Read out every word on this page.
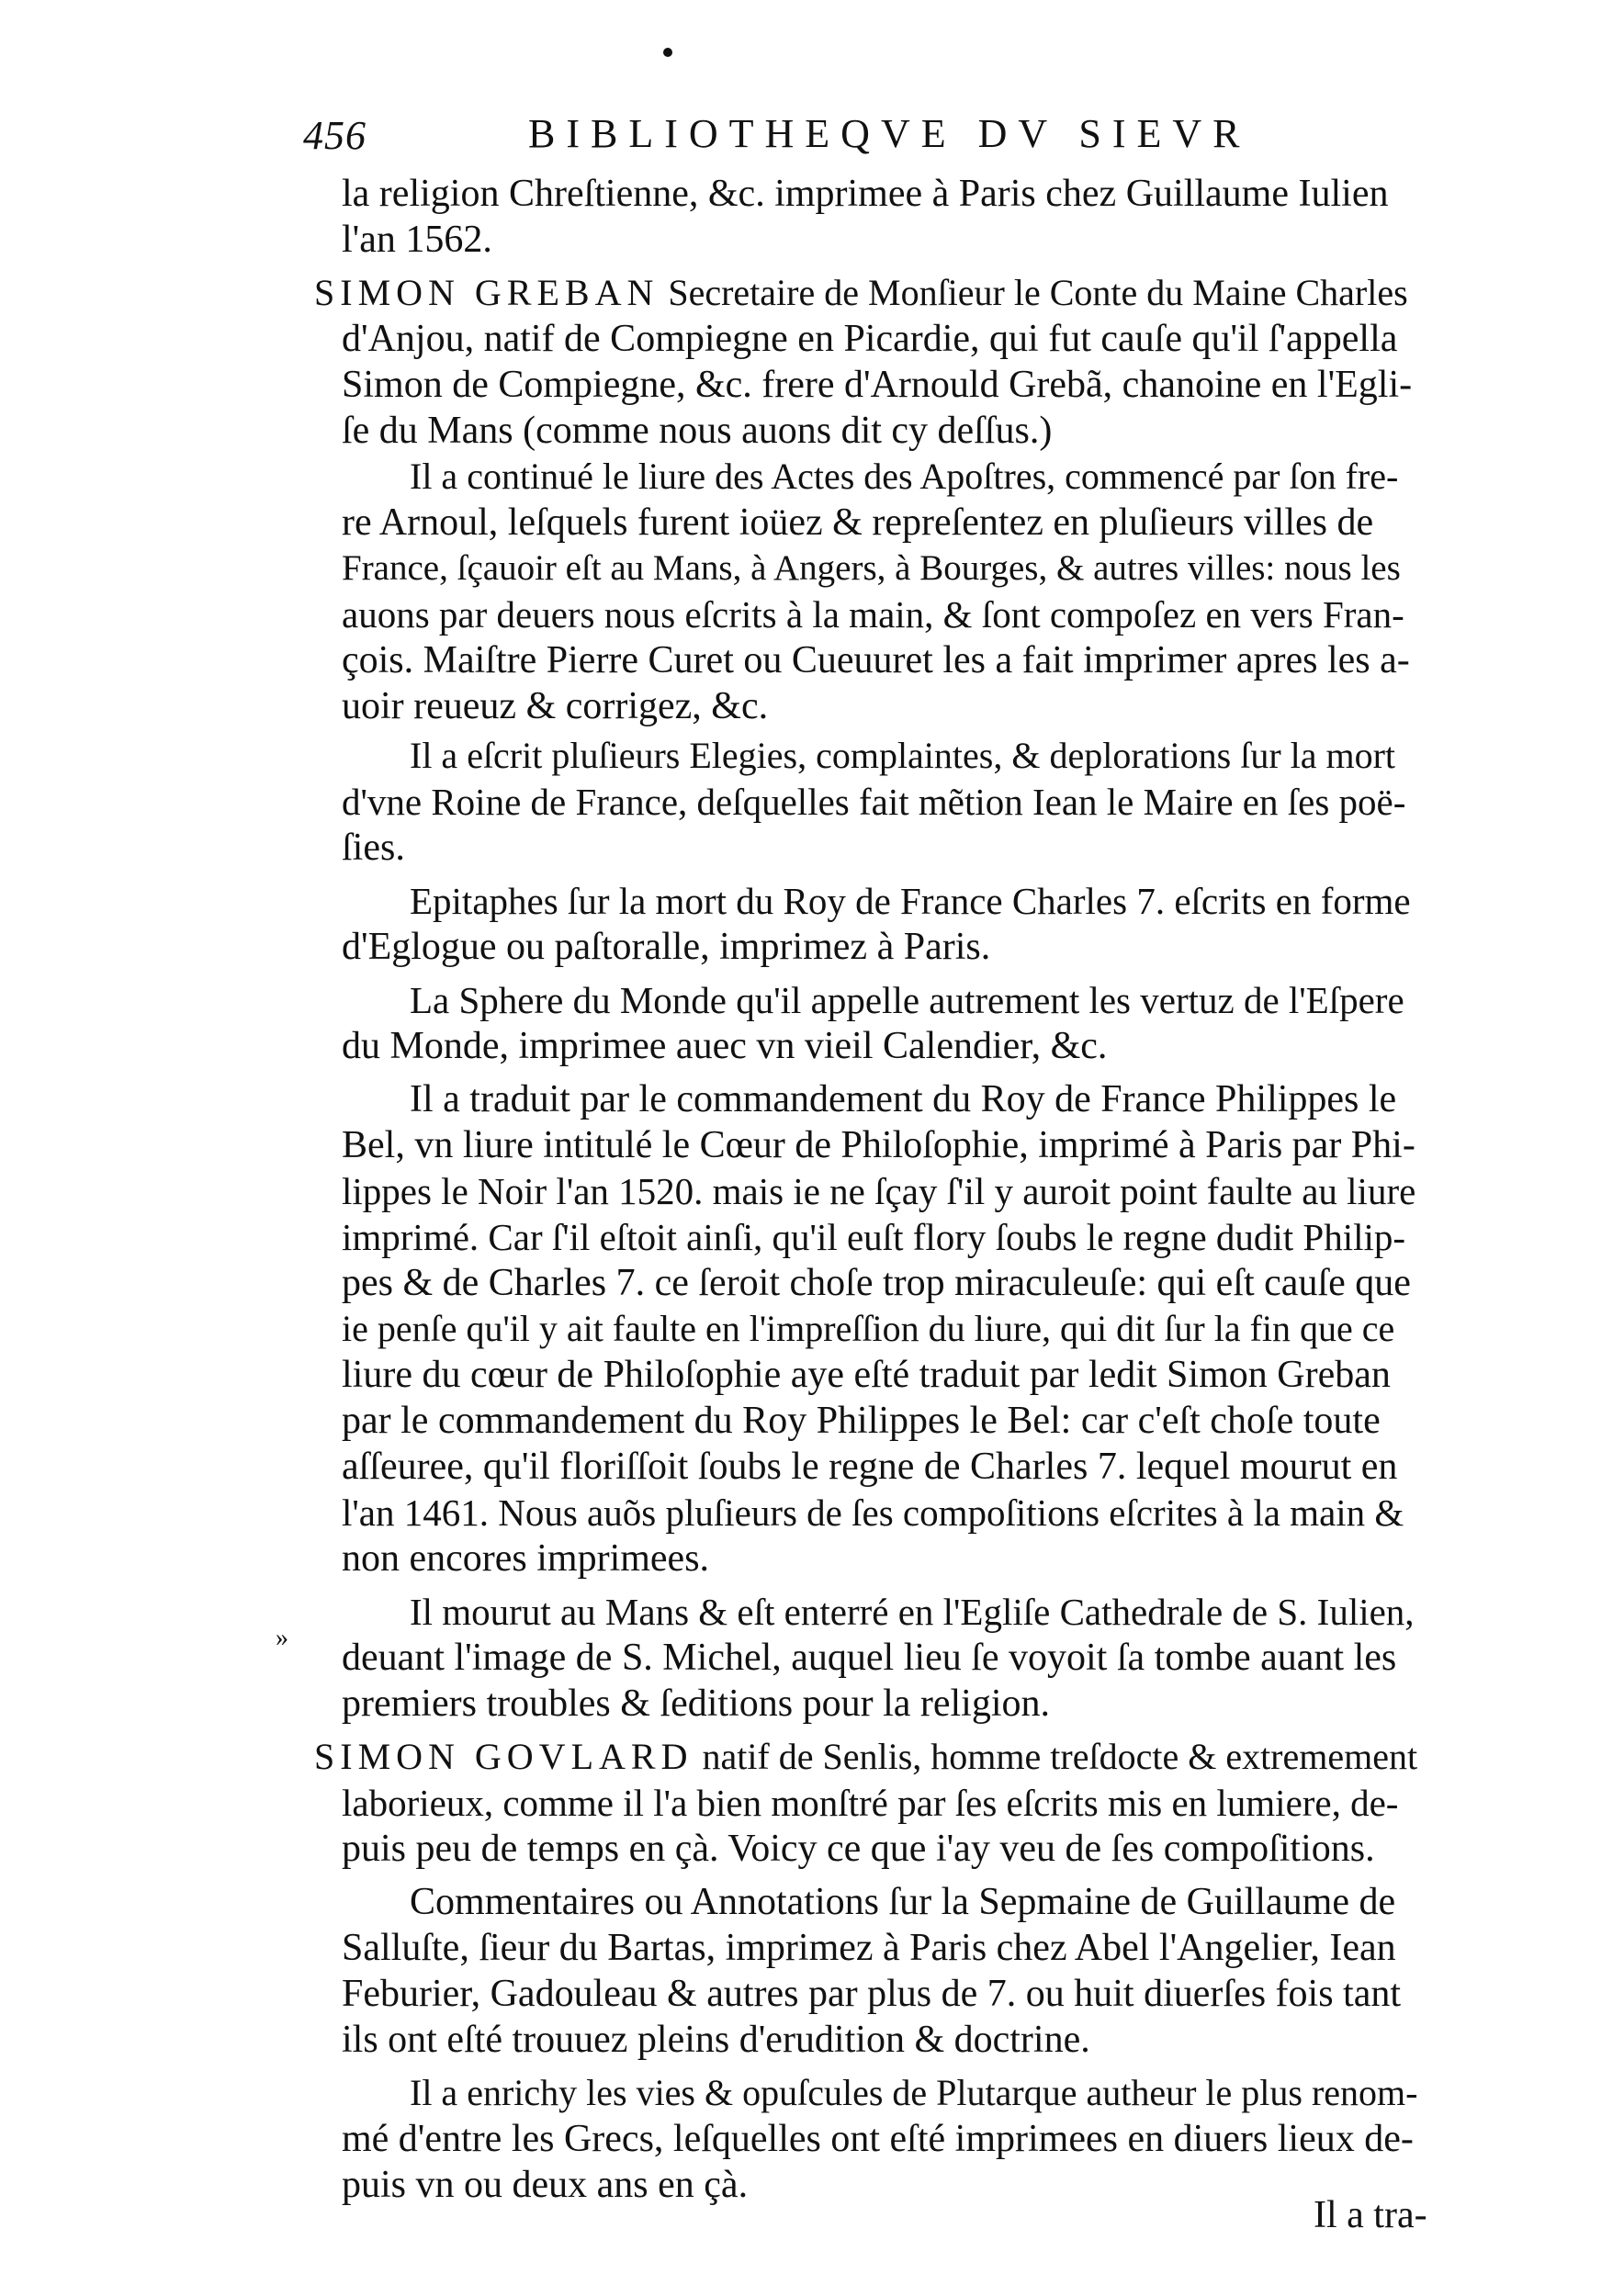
456	BIBLIOTHEQVE DV SIEVR
la religion Chreſtienne, &c. imprimee à Paris chez Guillaume Iulien
l'an 1562.
SIMON GREBAN Secretaire de Monſieur le Conte du Maine Charles
d'Anjou, natif de Compiegne en Picardie, qui fut cauſe qu'il ſ'appella
Simon de Compiegne, &c. frere d'Arnould Grebã, chanoine en l'Egli-
ſe du Mans (comme nous auons dit cy deſſus.)
Il a continué le liure des Actes des Apoſtres, commencé par ſon fre-
re Arnoul, leſquels furent ioüez & repreſentez en pluſieurs villes de
France, ſçauoir eſt au Mans, à Angers, à Bourges, & autres villes: nous les
auons par deuers nous eſcrits à la main, & ſont compoſez en vers Fran-
çois. Maiſtre Pierre Curet ou Cueuuret les a fait imprimer apres les a-
uoir reueuz & corrigez, &c.
Il a eſcrit pluſieurs Elegies, complaintes, & deplorations ſur la mort
d'vne Roine de France, deſquelles fait mẽtion Iean le Maire en ſes poë-
ſies.
Epitaphes ſur la mort du Roy de France Charles 7. eſcrits en forme
d'Eglogue ou paſtoralle, imprimez à Paris.
La Sphere du Monde qu'il appelle autrement les vertuz de l'Eſpere
du Monde, imprimee auec vn vieil Calendier, &c.
Il a traduit par le commandement du Roy de France Philippes le
Bel, vn liure intitulé le Cœur de Philoſophie, imprimé à Paris par Phi-
lippes le Noir l'an 1520. mais ie ne ſçay ſ'il y auroit point faulte au liure
imprimé. Car ſ'il eſtoit ainſi, qu'il euſt flory ſoubs le regne dudit Philip-
pes & de Charles 7. ce ſeroit choſe trop miraculeuſe: qui eſt cauſe que
ie penſe qu'il y ait faulte en l'impreſſion du liure, qui dit ſur la fin que ce
liure du cœur de Philoſophie aye eſté traduit par ledit Simon Greban
par le commandement du Roy Philippes le Bel: car c'eſt choſe toute
aſſeuree, qu'il floriſſoit ſoubs le regne de Charles 7. lequel mourut en
l'an 1461. Nous auõs pluſieurs de ſes compoſitions eſcrites à la main &
non encores imprimees.
Il mourut au Mans & eſt enterré en l'Egliſe Cathedrale de S. Iulien,
deuant l'image de S. Michel, auquel lieu ſe voyoit ſa tombe auant les
premiers troubles & ſeditions pour la religion.
»
SIMON GOVLARD natif de Senlis, homme treſdocte & extremement
laborieux, comme il l'a bien monſtré par ſes eſcrits mis en lumiere, de-
puis peu de temps en çà. Voicy ce que i'ay veu de ſes compoſitions.
Commentaires ou Annotations ſur la Sepmaine de Guillaume de
Salluſte, ſieur du Bartas, imprimez à Paris chez Abel l'Angelier, Iean
Feburier, Gadouleau & autres par plus de 7. ou huit diuerſes fois tant
ils ont eſté trouuez pleins d'erudition & doctrine.
Il a enrichy les vies & opuſcules de Plutarque autheur le plus renom-
mé d'entre les Grecs, leſquelles ont eſté imprimees en diuers lieux de-
puis vn ou deux ans en çà.
Il a tra-
